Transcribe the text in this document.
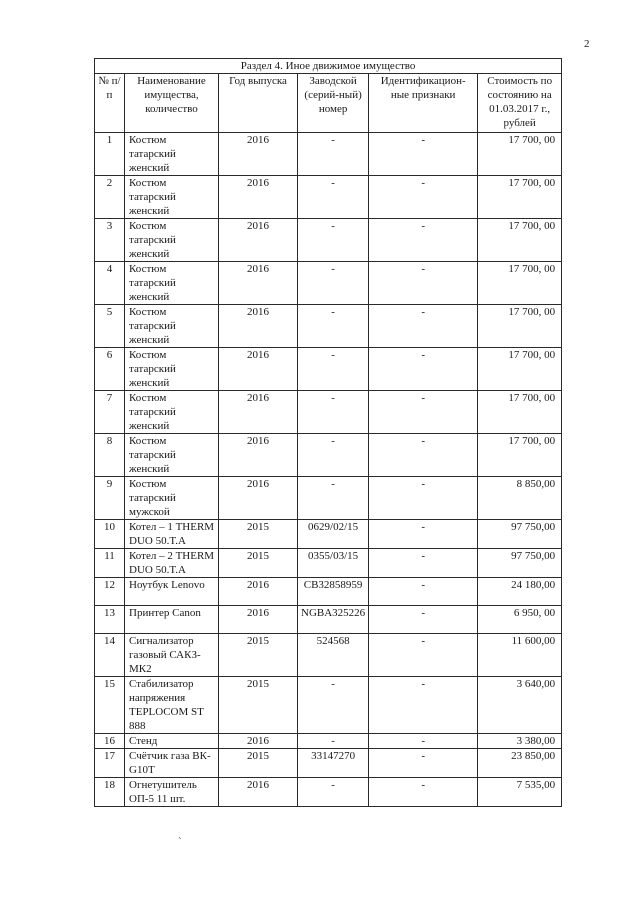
2
Раздел 4. Иное движимое имущество					
№ п/п	Наименование имущества, количество	Год выпуска	Заводской (серий-ный) номер	Идентификацион-ные признаки	Стоимость по состоянию на 01.03.2017 г., рублей
1	Костюм татарский женский	2016	-	-	17 700, 00
2	Костюм татарский женский	2016	-	-	17 700, 00
3	Костюм татарский женский	2016	-	-	17 700, 00
4	Костюм татарский женский	2016	-	-	17 700, 00
5	Костюм татарский женский	2016	-	-	17 700, 00
6	Костюм татарский женский	2016	-	-	17 700, 00
7	Костюм татарский женский	2016	-	-	17 700, 00
8	Костюм татарский женский	2016	-	-	17 700, 00
9	Костюм татарский мужской	2016	-	-	8 850,00
10	Котел – 1 THERM DUO 50.T.A	2015	0629/02/15	-	97 750,00
11	Котел – 2 THERM DUO 50.T.A	2015	0355/03/15	-	97 750,00
12	Ноутбук Lenovo	2016	CB32858959	-	24 180,00
13	Принтер Canon	2016	NGBA325226	-	6 950, 00
14	Сигнализатор газовый САКЗ-МК2	2015	524568	-	11 600,00
15	Стабилизатор напряжения TEPLOCOM ST 888	2015	-	-	3 640,00
16	Стенд	2016	-	-	3 380,00
17	Счётчик газа ВК-G10T	2015	33147270	-	23 850,00
18	Огнетушитель ОП-5 11 шт.	2016	-	-	7 535,00
`
